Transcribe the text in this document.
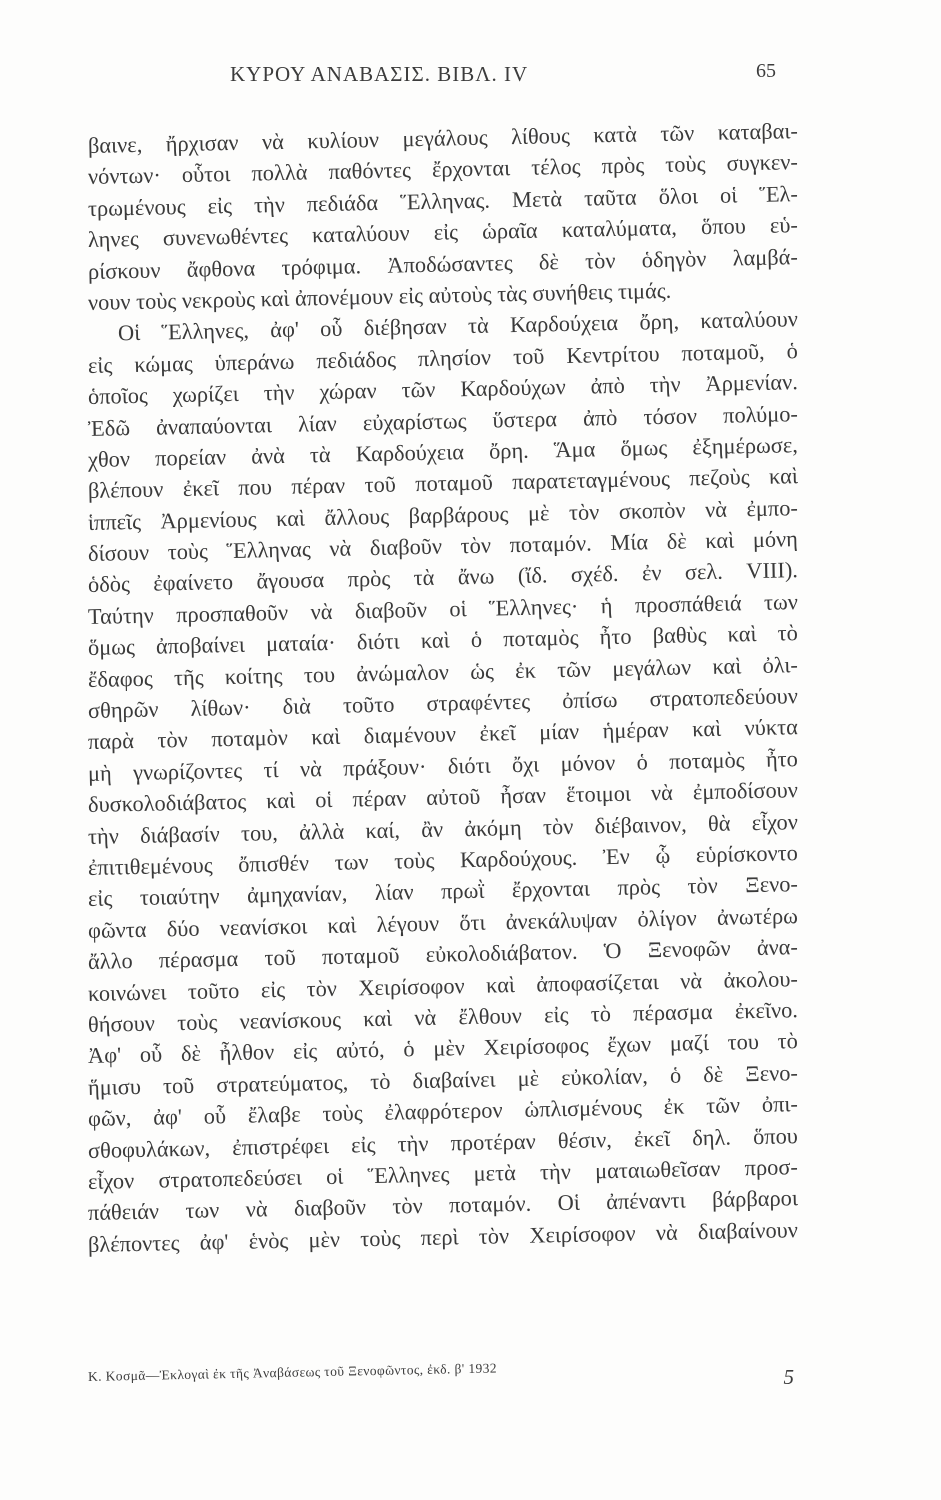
ΚΥΡΟΥ ΑΝΑΒΑΣΙΣ. ΒΙΒΛ. IV	65
βαινε, ἤρχισαν νὰ κυλίουν μεγάλους λίθους κατὰ τῶν καταβαι-
νόντων· οὗτοι πολλὰ παθόντες ἔρχονται τέλος πρὸς τοὺς συγκεν-
τρωμένους εἰς τὴν πεδιάδα Ἕλληνας. Μετὰ ταῦτα ὅλοι οἱ Ἕλ-
ληνες συνενωθέντες καταλύουν εἰς ὡραῖα καταλύματα, ὅπου εὑ-
ρίσκουν ἄφθονα τρόφιμα. Ἀποδώσαντες δὲ τὸν ὁδηγὸν λαμβά-
νουν τοὺς νεκροὺς καὶ ἀπονέμουν εἰς αὐτοὺς τὰς συνήθεις τιμάς.
Οἱ Ἕλληνες, ἀφ' οὗ διέβησαν τὰ Καρδούχεια ὄρη, καταλύουν
εἰς κώμας ὑπεράνω πεδιάδος πλησίον τοῦ Κεντρίτου ποταμοῦ, ὁ
ὁποῖος χωρίζει τὴν χώραν τῶν Καρδούχων ἀπὸ τὴν Ἀρμενίαν.
Ἐδῶ ἀναπαύονται λίαν εὐχαρίστως ὕστερα ἀπὸ τόσον πολύμο-
χθον πορείαν ἀνὰ τὰ Καρδούχεια ὄρη. Ἅμα ὅμως ἐξημέρωσε,
βλέπουν ἐκεῖ που πέραν τοῦ ποταμοῦ παρατεταγμένους πεζοὺς καὶ
ἱππεῖς Ἀρμενίους καὶ ἄλλους βαρβάρους μὲ τὸν σκοπὸν νὰ ἐμπο-
δίσουν τοὺς Ἕλληνας νὰ διαβοῦν τὸν ποταμόν. Μία δὲ καὶ μόνη
ὁδὸς ἐφαίνετο ἄγουσα πρὸς τὰ ἄνω (ἴδ. σχέδ. ἐν σελ. VIII).
Ταύτην προσπαθοῦν νὰ διαβοῦν οἱ Ἕλληνες· ἡ προσπάθειά των
ὅμως ἀποβαίνει ματαία· διότι καὶ ὁ ποταμὸς ἦτο βαθὺς καὶ τὸ
ἔδαφος τῆς κοίτης του ἀνώμαλον ὡς ἐκ τῶν μεγάλων καὶ ὀλι-
σθηρῶν λίθων· διὰ τοῦτο στραφέντες ὀπίσω στρατοπεδεύουν
παρὰ τὸν ποταμὸν καὶ διαμένουν ἐκεῖ μίαν ἡμέραν καὶ νύκτα
μὴ γνωρίζοντες τί νὰ πράξουν· διότι ὄχι μόνον ὁ ποταμὸς ἦτο
δυσκολοδιάβατος καὶ οἱ πέραν αὐτοῦ ἦσαν ἕτοιμοι νὰ ἐμποδίσουν
τὴν διάβασίν του, ἀλλὰ καί, ἂν ἀκόμη τὸν διέβαινον, θὰ εἶχον
ἐπιτιθεμένους ὄπισθέν των τοὺς Καρδούχους. Ἐν ᾧ εὑρίσκοντο
εἰς τοιαύτην ἀμηχανίαν, λίαν πρωῒ ἔρχονται πρὸς τὸν Ξενο-
φῶντα δύο νεανίσκοι καὶ λέγουν ὅτι ἀνεκάλυψαν ὀλίγον ἀνωτέρω
ἄλλο πέρασμα τοῦ ποταμοῦ εὐκολοδιάβατον. Ὁ Ξενοφῶν ἀνα-
κοινώνει τοῦτο εἰς τὸν Χειρίσοφον καὶ ἀποφασίζεται νὰ ἀκολου-
θήσουν τοὺς νεανίσκους καὶ νὰ ἔλθουν εἰς τὸ πέρασμα ἐκεῖνο.
Ἀφ' οὗ δὲ ἦλθον εἰς αὐτό, ὁ μὲν Χειρίσοφος ἔχων μαζί του τὸ
ἥμισυ τοῦ στρατεύματος, τὸ διαβαίνει μὲ εὐκολίαν, ὁ δὲ Ξενο-
φῶν, ἀφ' οὗ ἔλαβε τοὺς ἐλαφρότερον ὡπλισμένους ἐκ τῶν ὀπι-
σθοφυλάκων, ἐπιστρέφει εἰς τὴν προτέραν θέσιν, ἐκεῖ δηλ. ὅπου
εἶχον στρατοπεδεύσει οἱ Ἕλληνες μετὰ τὴν ματαιωθεῖσαν προσ-
πάθειάν των νὰ διαβοῦν τὸν ποταμόν. Οἱ ἀπέναντι βάρβαροι
βλέποντες ἀφ' ἑνὸς μὲν τοὺς περὶ τὸν Χειρίσοφον νὰ διαβαίνουν
Κ. Κοσμᾶ—Ἐκλογαὶ ἐκ τῆς Ἀναβάσεως τοῦ Ξενοφῶντος, ἐκδ. β' 1932	5
